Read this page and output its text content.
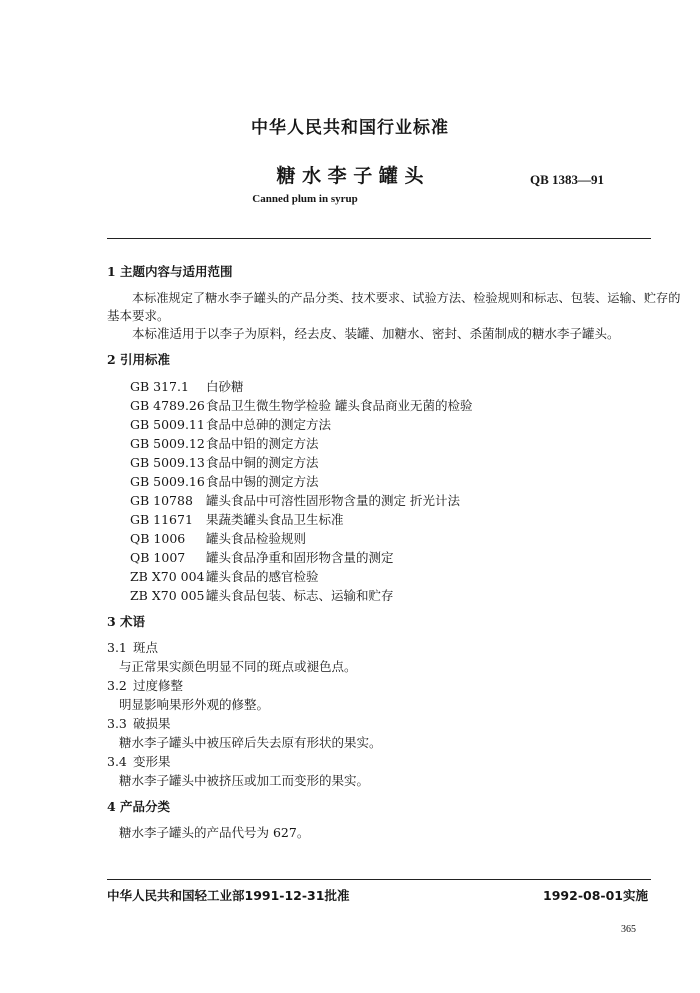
中华人民共和国行业标准
糖 水 李 子 罐 头	QB 1383—91
Canned plum in syrup
1 主题内容与适用范围
本标准规定了糖水李子罐头的产品分类、技术要求、试验方法、检验规则和标志、包装、运输、贮存的
基本要求。
本标准适用于以李子为原料，经去皮、装罐、加糖水、密封、杀菌制成的糖水李子罐头。
2 引用标准
GB 317.1 白砂糖
GB 4789.26食品卫生微生物学检验 罐头食品商业无菌的检验
GB 5009.11食品中总砷的测定方法
GB 5009.12食品中铅的测定方法
GB 5009.13食品中铜的测定方法
GB 5009.16食品中锡的测定方法
GB 10788 罐头食品中可溶性固形物含量的测定 折光计法
GB 11671 果蔬类罐头食品卫生标准
QB 1006 罐头食品检验规则
QB 1007 罐头食品净重和固形物含量的测定
ZB X70 004 罐头食品的感官检验
ZB X70 005 罐头食品包装、标志、运输和贮存
3 术语
3.1 斑点
与正常果实颜色明显不同的斑点或褪色点。
3.2 过度修整
明显影响果形外观的修整。
3.3 破损果
糖水李子罐头中被压碎后失去原有形状的果实。
3.4 变形果
糖水李子罐头中被挤压或加工而变形的果实。
4 产品分类
糖水李子罐头的产品代号为 627。
中华人民共和国轻工业部1991-12-31批准	1992-08-01实施
365
